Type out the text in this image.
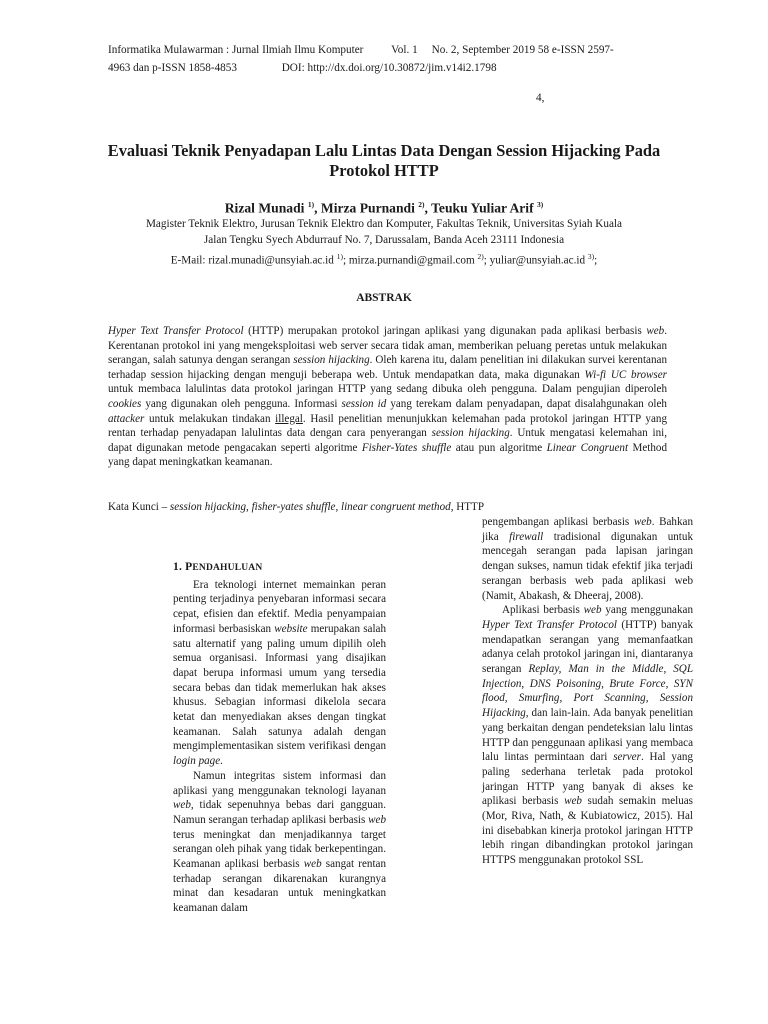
Informatika Mulawarman : Jurnal Ilmiah Ilmu Komputer          Vol. 1     No. 2, September 2019 58 e-ISSN 2597-
4963 dan p-ISSN 1858-4853                DOI: http://dx.doi.org/10.30872/jim.v14i2.1798
4,
Evaluasi Teknik Penyadapan Lalu Lintas Data Dengan Session Hijacking Pada Protokol HTTP
Rizal Munadi $^{1)}$, Mirza Purnandi $^{2)}$, Teuku Yuliar Arif $^{3)}$
Magister Teknik Elektro, Jurusan Teknik Elektro dan Komputer, Fakultas Teknik, Universitas Syiah Kuala
Jalan Tengku Syech Abdurrauf No. 7, Darussalam, Banda Aceh 23111 Indonesia
E-Mail: rizal.munadi@unsyiah.ac.id $^{1)}$; mirza.purnandi@gmail.com $^{2)}$; yuliar@unsyiah.ac.id $^{3)}$;
ABSTRAK
Hyper Text Transfer Protocol (HTTP) merupakan protokol jaringan aplikasi yang digunakan pada aplikasi berbasis web. Kerentanan protokol ini yang mengeksploitasi web server secara tidak aman, memberikan peluang peretas untuk melakukan serangan, salah satunya dengan serangan session hijacking. Oleh karena itu, dalam penelitian ini dilakukan survei kerentanan terhadap session hijacking dengan menguji beberapa web. Untuk mendapatkan data, maka digunakan Wi-fi UC browser untuk membaca lalulintas data protokol jaringan HTTP yang sedang dibuka oleh pengguna. Dalam pengujian diperoleh cookies yang digunakan oleh pengguna. Informasi session id yang terekam dalam penyadapan, dapat disalahgunakan oleh attacker untuk melakukan tindakan illegal. Hasil penelitian menunjukkan kelemahan pada protokol jaringan HTTP yang rentan terhadap penyadapan lalulintas data dengan cara penyerangan session hijacking. Untuk mengatasi kelemahan ini, dapat digunakan metode pengacakan seperti algoritme Fisher-Yates shuffle atau pun algoritme Linear Congruent Method yang dapat meningkatkan keamanan.
Kata Kunci – session hijacking, fisher-yates shuffle, linear congruent method, HTTP

1. PENDAHULUAN

Era teknologi internet memainkan peran penting terjadinya penyebaran informasi secara cepat, efisien dan efektif. Media penyampaian informasi berbasiskan website merupakan salah satu alternatif yang paling umum dipilih oleh semua organisasi. Informasi yang disajikan dapat berupa informasi umum yang tersedia secara bebas dan tidak memerlukan hak akses khusus. Sebagian informasi dikelola secara ketat dan menyediakan akses dengan tingkat keamanan. Salah satunya adalah dengan mengimplementasikan sistem verifikasi dengan login page.

Namun integritas sistem informasi dan aplikasi yang menggunakan teknologi layanan web, tidak sepenuhnya bebas dari gangguan. Namun serangan terhadap aplikasi berbasis web terus meningkat dan menjadikannya target serangan oleh pihak yang tidak berkepentingan. Keamanan aplikasi berbasis web sangat rentan terhadap serangan dikarenakan kurangnya minat dan kesadaran untuk meningkatkan keamanan dalam

pengembangan aplikasi berbasis web. Bahkan jika firewall tradisional digunakan untuk mencegah serangan pada lapisan jaringan dengan sukses, namun tidak efektif jika terjadi serangan berbasis web pada aplikasi web (Namit, Abakash, & Dheeraj, 2008).

Aplikasi berbasis web yang menggunakan Hyper Text Transfer Protocol (HTTP) banyak mendapatkan serangan yang memanfaatkan adanya celah protokol jaringan ini, diantaranya serangan Replay, Man in the Middle, SQL Injection, DNS Poisoning, Brute Force, SYN flood, Smurfing, Port Scanning, Session Hijacking, dan lain-lain. Ada banyak penelitian yang berkaitan dengan pendeteksian lalu lintas HTTP dan penggunaan aplikasi yang membaca lalu lintas permintaan dari server. Hal yang paling sederhana terletak pada protokol jaringan HTTP yang banyak di akses ke aplikasi berbasis web sudah semakin meluas (Mor, Riva, Nath, & Kubiatowicz, 2015). Hal ini disebabkan kinerja protokol jaringan HTTP lebih ringan dibandingkan protokol jaringan HTTPS menggunakan protokol SSL
